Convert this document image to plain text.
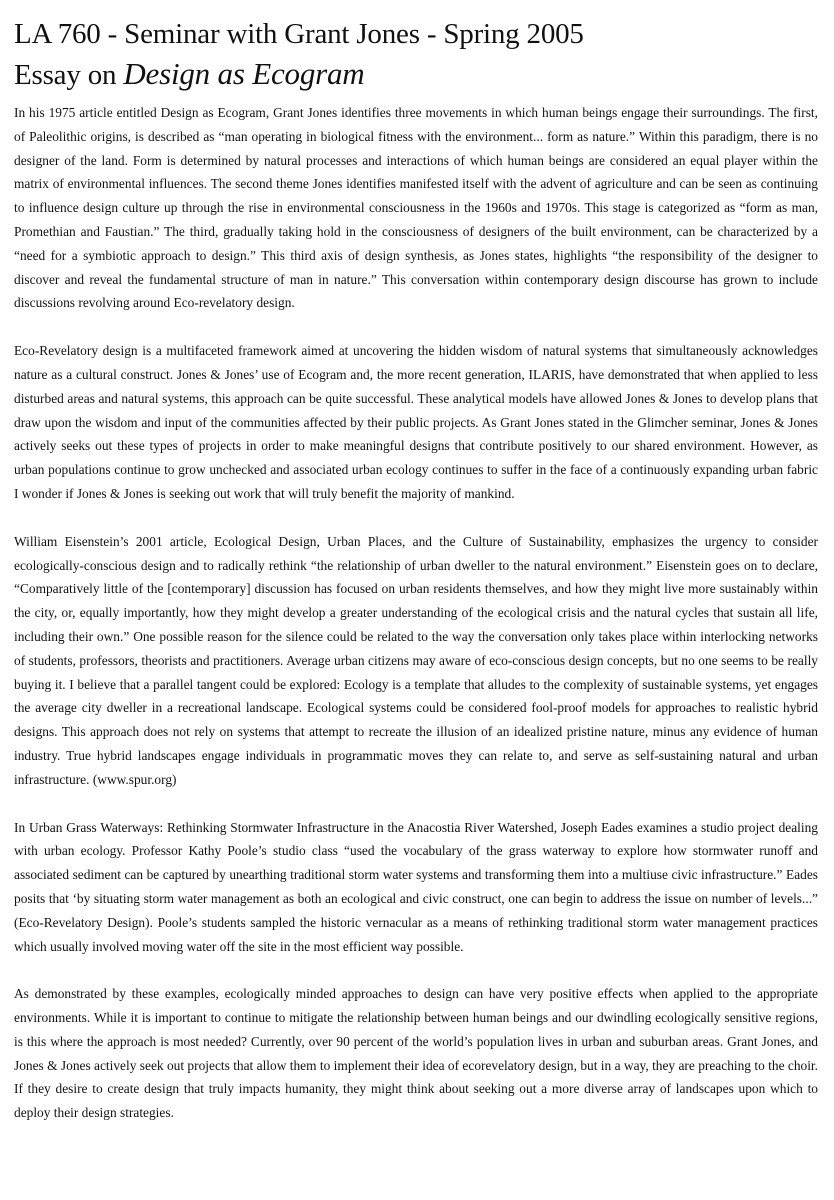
LA 760 - Seminar with Grant Jones - Spring 2005
Essay on Design as Ecogram

In his 1975 article entitled Design as Ecogram, Grant Jones identifies three movements in which human beings engage their surroundings. The first, of Paleolithic origins, is described as “man operating in biological fitness with the environment... form as nature.” Within this paradigm, there is no designer of the land. Form is determined by natural processes and interactions of which human beings are considered an equal player within the matrix of environmental influences. The second theme Jones identifies manifested itself with the advent of agriculture and can be seen as continuing to influence design culture up through the rise in environmental consciousness in the 1960s and 1970s. This stage is categorized as “form as man, Promethian and Faustian.” The third, gradually taking hold in the consciousness of designers of the built environment, can be characterized by a “need for a symbiotic approach to design.” This third axis of design synthesis, as Jones states, highlights “the responsibility of the designer to discover and reveal the fundamental structure of man in nature.” This conversation within contemporary design discourse has grown to include discussions revolving around Eco-revelatory design.

Eco-Revelatory design is a multifaceted framework aimed at uncovering the hidden wisdom of natural systems that simultaneously acknowledges nature as a cultural construct. Jones & Jones’ use of Ecogram and, the more recent generation, ILARIS, have demonstrated that when applied to less disturbed areas and natural systems, this approach can be quite successful. These analytical models have allowed Jones & Jones to develop plans that draw upon the wisdom and input of the communities affected by their public projects. As Grant Jones stated in the Glimcher seminar, Jones & Jones actively seeks out these types of projects in order to make meaningful designs that contribute positively to our shared environment. However, as urban populations continue to grow unchecked and associated urban ecology continues to suffer in the face of a continuously expanding urban fabric I wonder if Jones & Jones is seeking out work that will truly benefit the majority of mankind.

William Eisenstein’s 2001 article, Ecological Design, Urban Places, and the Culture of Sustainability, emphasizes the urgency to consider ecologically-conscious design and to radically rethink “the relationship of urban dweller to the natural environment.” Eisenstein goes on to declare, “Comparatively little of the [contemporary] discussion has focused on urban residents themselves, and how they might live more sustainably within the city, or, equally importantly, how they might develop a greater understanding of the ecological crisis and the natural cycles that sustain all life, including their own.” One possible reason for the silence could be related to the way the conversation only takes place within interlocking networks of students, professors, theorists and practitioners. Average urban citizens may aware of eco-conscious design concepts, but no one seems to be really buying it. I believe that a parallel tangent could be explored: Ecology is a template that alludes to the complexity of sustainable systems, yet engages the average city dweller in a recreational landscape. Ecological systems could be considered fool-proof models for approaches to realistic hybrid designs. This approach does not rely on systems that attempt to recreate the illusion of an idealized pristine nature, minus any evidence of human industry. True hybrid landscapes engage individuals in programmatic moves they can relate to, and serve as self-sustaining natural and urban infrastructure. (www.spur.org)

In Urban Grass Waterways: Rethinking Stormwater Infrastructure in the Anacostia River Watershed, Joseph Eades examines a studio project dealing with urban ecology. Professor Kathy Poole’s studio class “used the vocabulary of the grass waterway to explore how stormwater runoff and associated sediment can be captured by unearthing traditional storm water systems and transforming them into a multiuse civic infrastructure.” Eades posits that ‘by situating storm water management as both an ecological and civic construct, one can begin to address the issue on number of levels...” (Eco-Revelatory Design). Poole’s students sampled the historic vernacular as a means of rethinking traditional storm water management practices which usually involved moving water off the site in the most efficient way possible.

As demonstrated by these examples, ecologically minded approaches to design can have very positive effects when applied to the appropriate environments. While it is important to continue to mitigate the relationship between human beings and our dwindling ecologically sensitive regions, is this where the approach is most needed? Currently, over 90 percent of the world’s population lives in urban and suburban areas. Grant Jones, and Jones & Jones actively seek out projects that allow them to implement their idea of ecorevelatory design, but in a way, they are preaching to the choir. If they desire to create design that truly impacts humanity, they might think about seeking out a more diverse array of landscapes upon which to deploy their design strategies.
